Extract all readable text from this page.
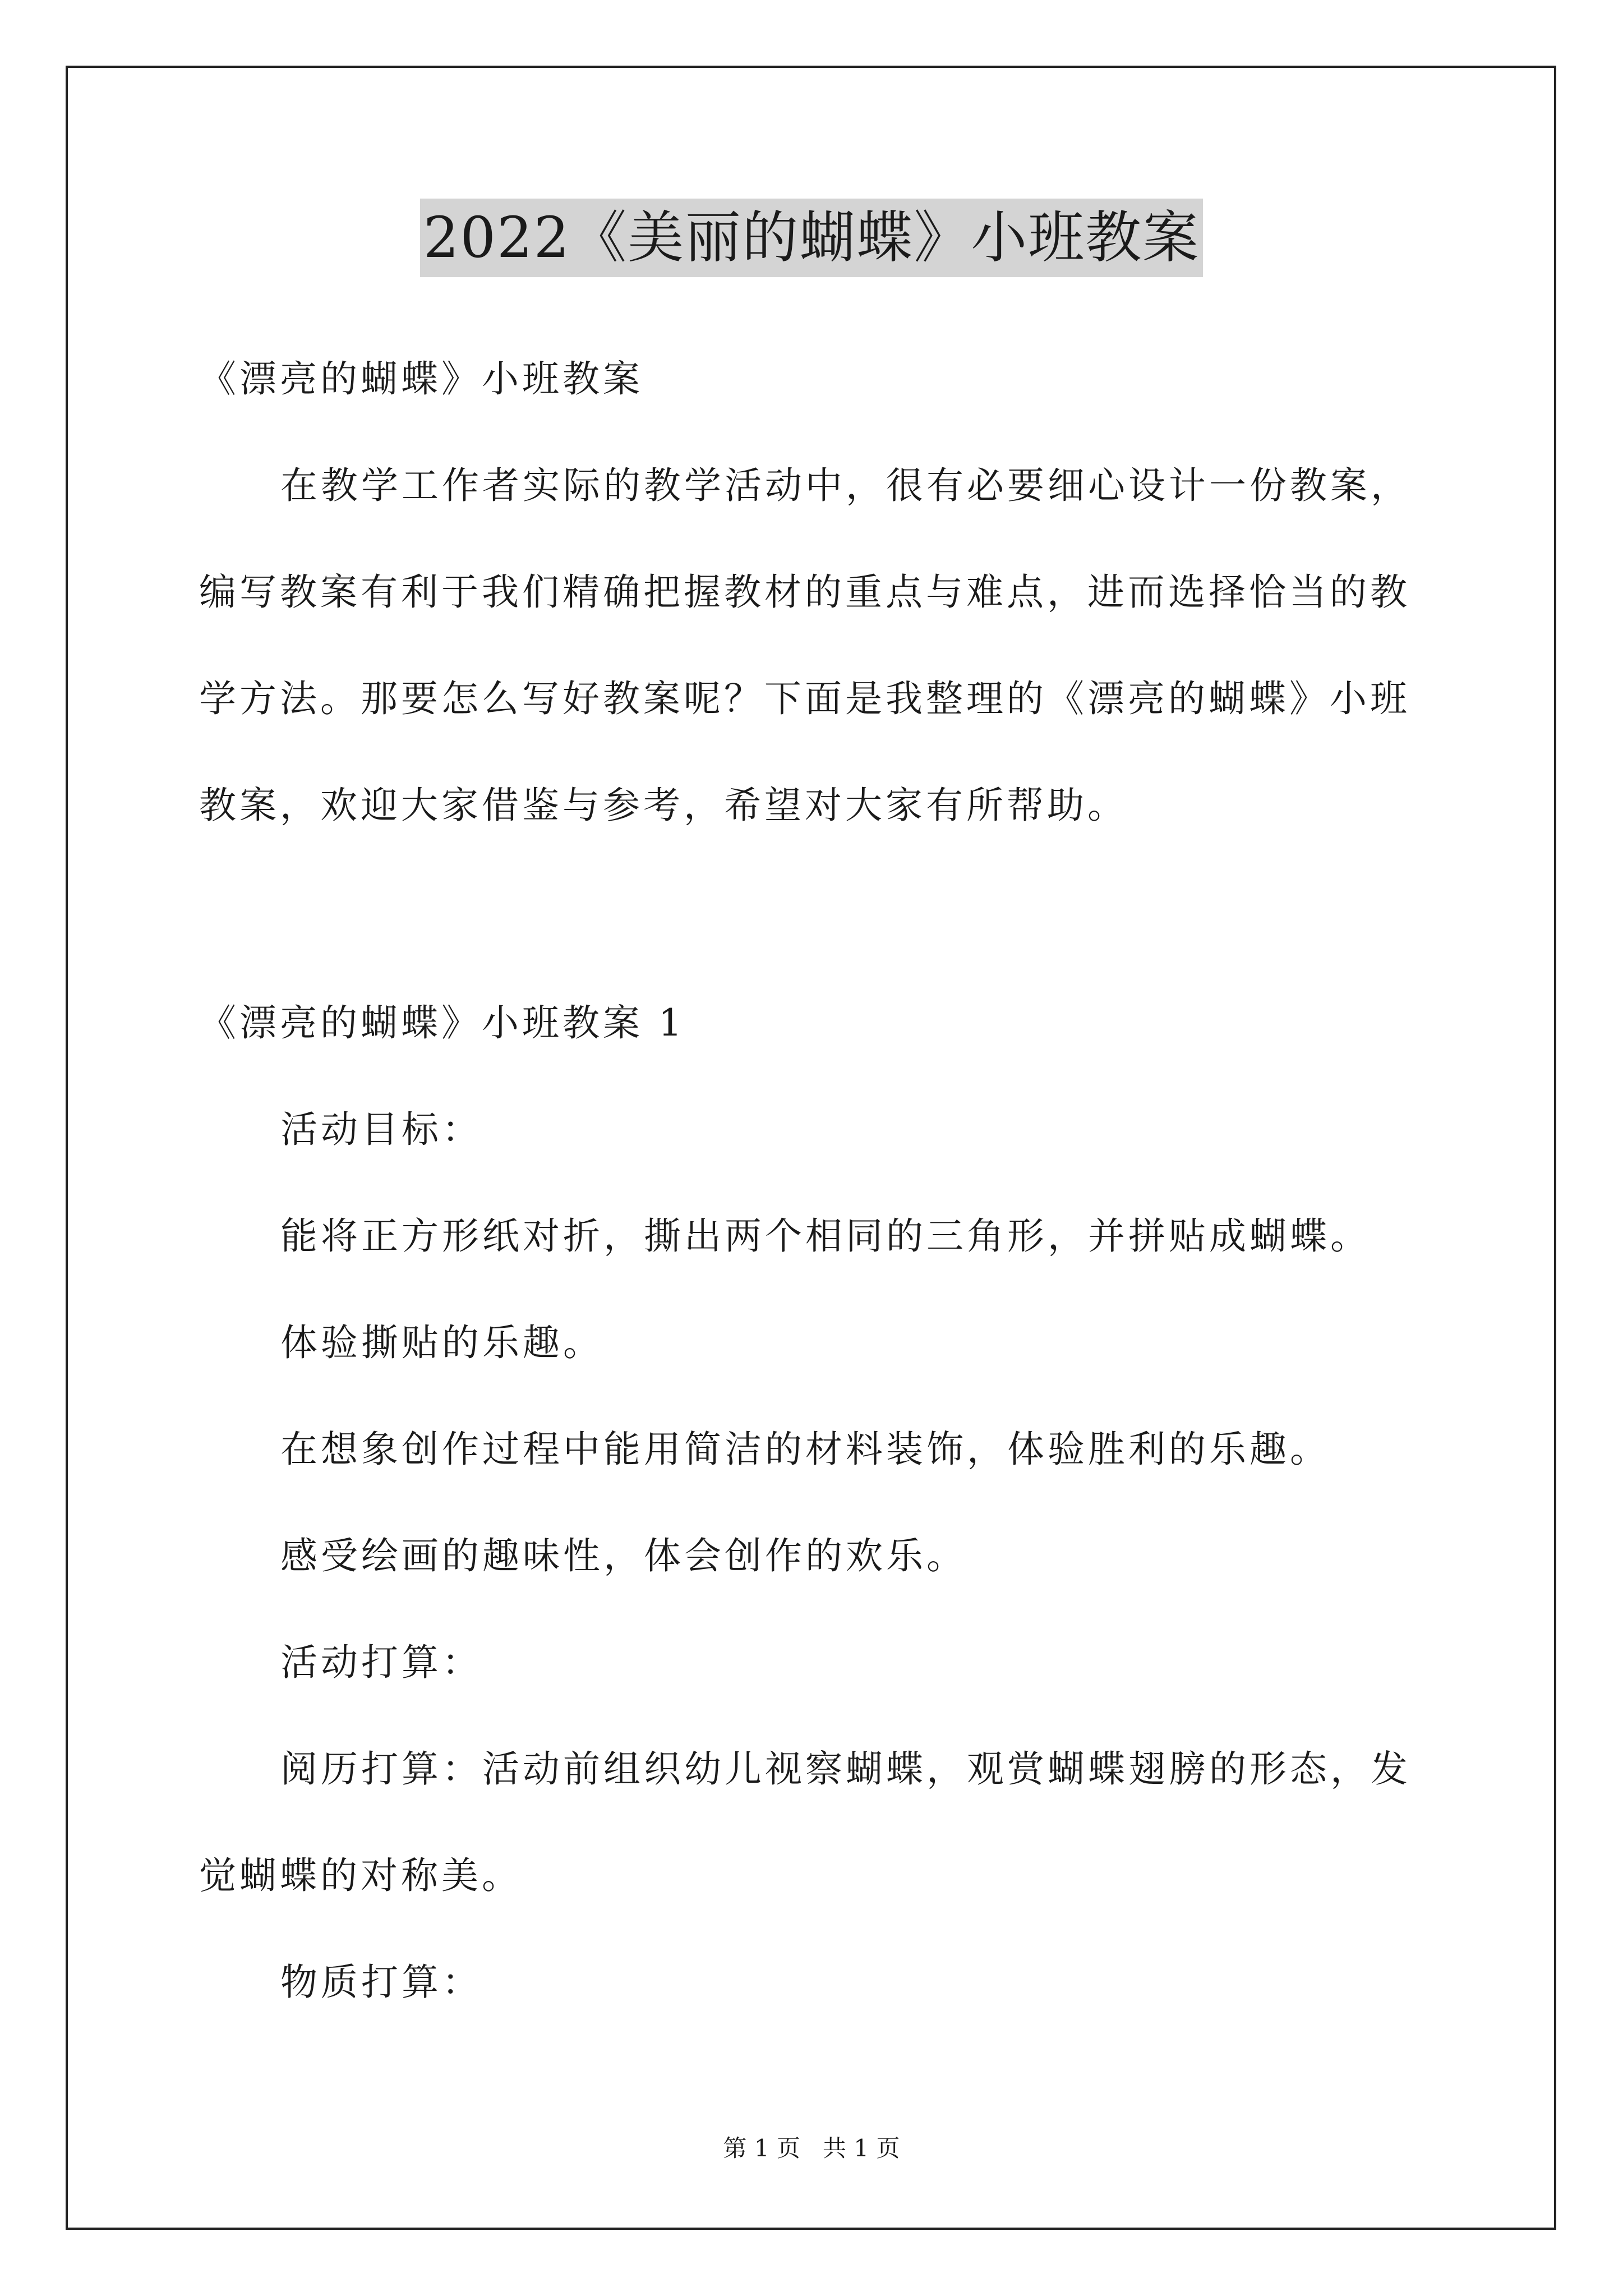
2022《美丽的蝴蝶》小班教案
《漂亮的蝴蝶》小班教案
在教学工作者实际的教学活动中，很有必要细心设计一份教案，
编写教案有利于我们精确把握教材的重点与难点，进而选择恰当的教
学方法。那要怎么写好教案呢？下面是我整理的《漂亮的蝴蝶》小班
教案，欢迎大家借鉴与参考，希望对大家有所帮助。
《漂亮的蝴蝶》小班教案 1
活动目标：
能将正方形纸对折，撕出两个相同的三角形，并拼贴成蝴蝶。
体验撕贴的乐趣。
在想象创作过程中能用简洁的材料装饰，体验胜利的乐趣。
感受绘画的趣味性，体会创作的欢乐。
活动打算：
阅历打算：活动前组织幼儿视察蝴蝶，观赏蝴蝶翅膀的形态，发
觉蝴蝶的对称美。
物质打算：
第 1 页   共 1 页
